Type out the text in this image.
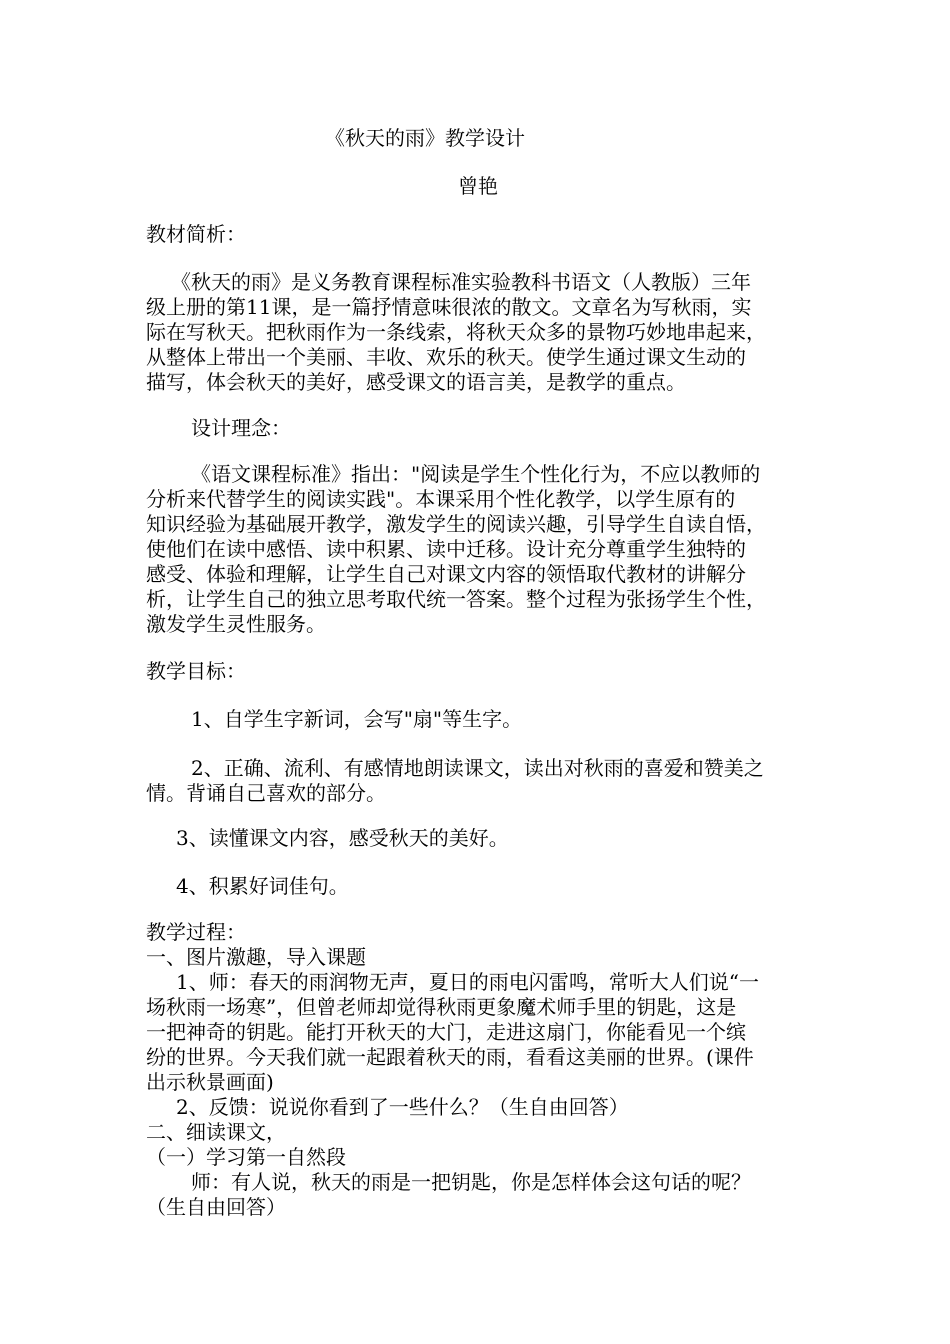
《秋天的雨》教学设计

曾艳

教材简析：

《秋天的雨》是义务教育课程标准实验教科书语文（人教版）三年

级上册的第11课，是一篇抒情意味很浓的散文。文章名为写秋雨，实

际在写秋天。把秋雨作为一条线索，将秋天众多的景物巧妙地串起来，

从整体上带出一个美丽、丰收、欢乐的秋天。使学生通过课文生动的

描写，体会秋天的美好，感受课文的语言美，是教学的重点。

设计理念：

《语文课程标准》指出："阅读是学生个性化行为，不应以教师的

分析来代替学生的阅读实践"。本课采用个性化教学，以学生原有的

知识经验为基础展开教学，激发学生的阅读兴趣，引导学生自读自悟，

使他们在读中感悟、读中积累、读中迁移。设计充分尊重学生独特的

感受、体验和理解，让学生自己对课文内容的领悟取代教材的讲解分

析，让学生自己的独立思考取代统一答案。整个过程为张扬学生个性，

激发学生灵性服务。

教学目标：

1、自学生字新词，会写"扇"等生字。

2、正确、流利、有感情地朗读课文，读出对秋雨的喜爱和赞美之

情。背诵自己喜欢的部分。

3、读懂课文内容，感受秋天的美好。

4、积累好词佳句。

教学过程：

一、图片激趣，导入课题

1、师：春天的雨润物无声，夏日的雨电闪雷鸣，常听大人们说“一

场秋雨一场寒”，但曾老师却觉得秋雨更象魔术师手里的钥匙，这是

一把神奇的钥匙。能打开秋天的大门，走进这扇门，你能看见一个缤

纷的世界。今天我们就一起跟着秋天的雨，看看这美丽的世界。(课件

出示秋景画面)

2、反馈：说说你看到了一些什么？（生自由回答）

二、细读课文，

（一）学习第一自然段

师：有人说，秋天的雨是一把钥匙，你是怎样体会这句话的呢？

（生自由回答）
